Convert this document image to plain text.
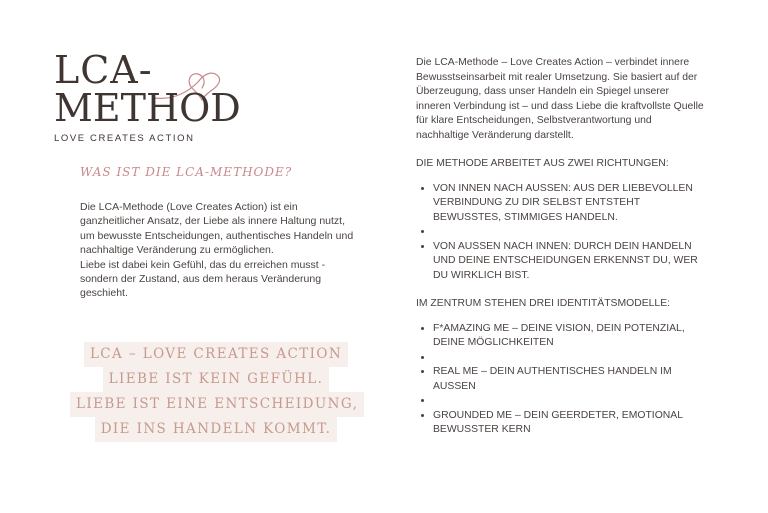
LCA-
METHOD
LOVE CREATES ACTION
WAS IST DIE LCA-METHODE?

Die LCA-Methode (Love Creates Action) ist ein ganzheitlicher Ansatz, der Liebe als innere Haltung nutzt, um bewusste Entscheidungen, authentisches Handeln und nachhaltige Veränderung zu ermöglichen.

Liebe ist dabei kein Gefühl, das du erreichen musst - sondern der Zustand, aus dem heraus Veränderung geschieht.

LCA – LOVE CREATES ACTION
LIEBE IST KEIN GEFÜHL.
LIEBE IST EINE ENTSCHEIDUNG,
DIE INS HANDELN KOMMT.

Die LCA-Methode – Love Creates Action – verbindet innere Bewusstseinsarbeit mit realer Umsetzung. Sie basiert auf der Überzeugung, dass unser Handeln ein Spiegel unserer inneren Verbindung ist – und dass Liebe die kraftvollste Quelle für klare Entscheidungen, Selbstverantwortung und nachhaltige Veränderung darstellt.

DIE METHODE ARBEITET AUS ZWEI RICHTUNGEN:

• VON INNEN NACH AUSSEN: AUS DER LIEBEVOLLEN VERBINDUNG ZU DIR SELBST ENTSTEHT BEWUSSTES, STIMMIGES HANDELN.
•
• VON AUSSEN NACH INNEN: DURCH DEIN HANDELN UND DEINE ENTSCHEIDUNGEN ERKENNST DU, WER DU WIRKLICH BIST.

IM ZENTRUM STEHEN DREI IDENTITÄTSMODELLE:

• F*AMAZING ME – DEINE VISION, DEIN POTENZIAL, DEINE MÖGLICHKEITEN
•
• REAL ME – DEIN AUTHENTISCHES HANDELN IM AUSSEN
•
• GROUNDED ME – DEIN GEERDETER, EMOTIONAL BEWUSSTER KERN
